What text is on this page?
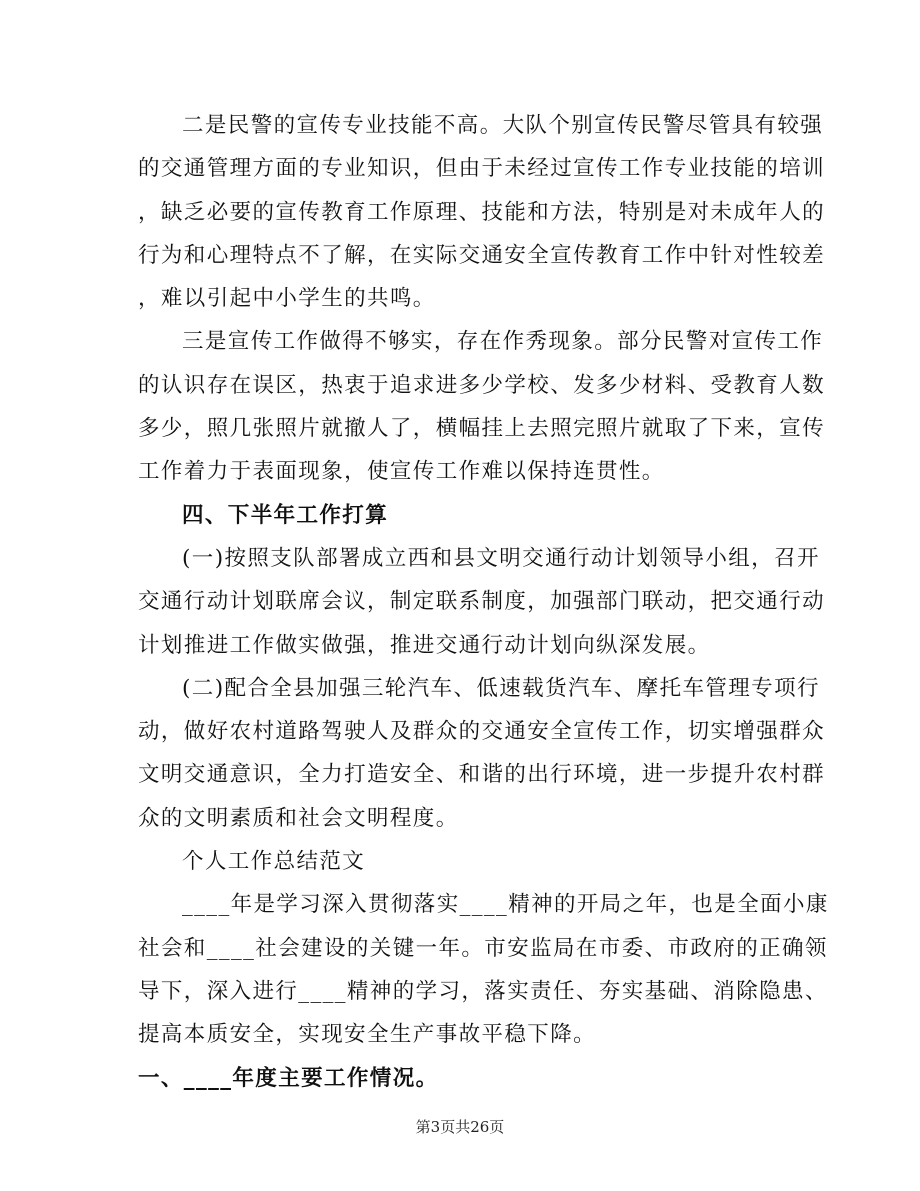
二是民警的宣传专业技能不高。大队个别宣传民警尽管具有较强
的交通管理方面的专业知识，但由于未经过宣传工作专业技能的培训
，缺乏必要的宣传教育工作原理、技能和方法，特别是对未成年人的
行为和心理特点不了解，在实际交通安全宣传教育工作中针对性较差
，难以引起中小学生的共鸣。
三是宣传工作做得不够实，存在作秀现象。部分民警对宣传工作
的认识存在误区，热衷于追求进多少学校、发多少材料、受教育人数
多少，照几张照片就撤人了，横幅挂上去照完照片就取了下来，宣传
工作着力于表面现象，使宣传工作难以保持连贯性。
四、下半年工作打算
(一)按照支队部署成立西和县文明交通行动计划领导小组，召开
交通行动计划联席会议，制定联系制度，加强部门联动，把交通行动
计划推进工作做实做强，推进交通行动计划向纵深发展。
(二)配合全县加强三轮汽车、低速载货汽车、摩托车管理专项行
动，做好农村道路驾驶人及群众的交通安全宣传工作，切实增强群众
文明交通意识，全力打造安全、和谐的出行环境，进一步提升农村群
众的文明素质和社会文明程度。
个人工作总结范文
____年是学习深入贯彻落实____精神的开局之年，也是全面小康
社会和____社会建设的关键一年。市安监局在市委、市政府的正确领
导下，深入进行____精神的学习，落实责任、夯实基础、消除隐患、
提高本质安全，实现安全生产事故平稳下降。
一、____年度主要工作情况。
第3页共26页
